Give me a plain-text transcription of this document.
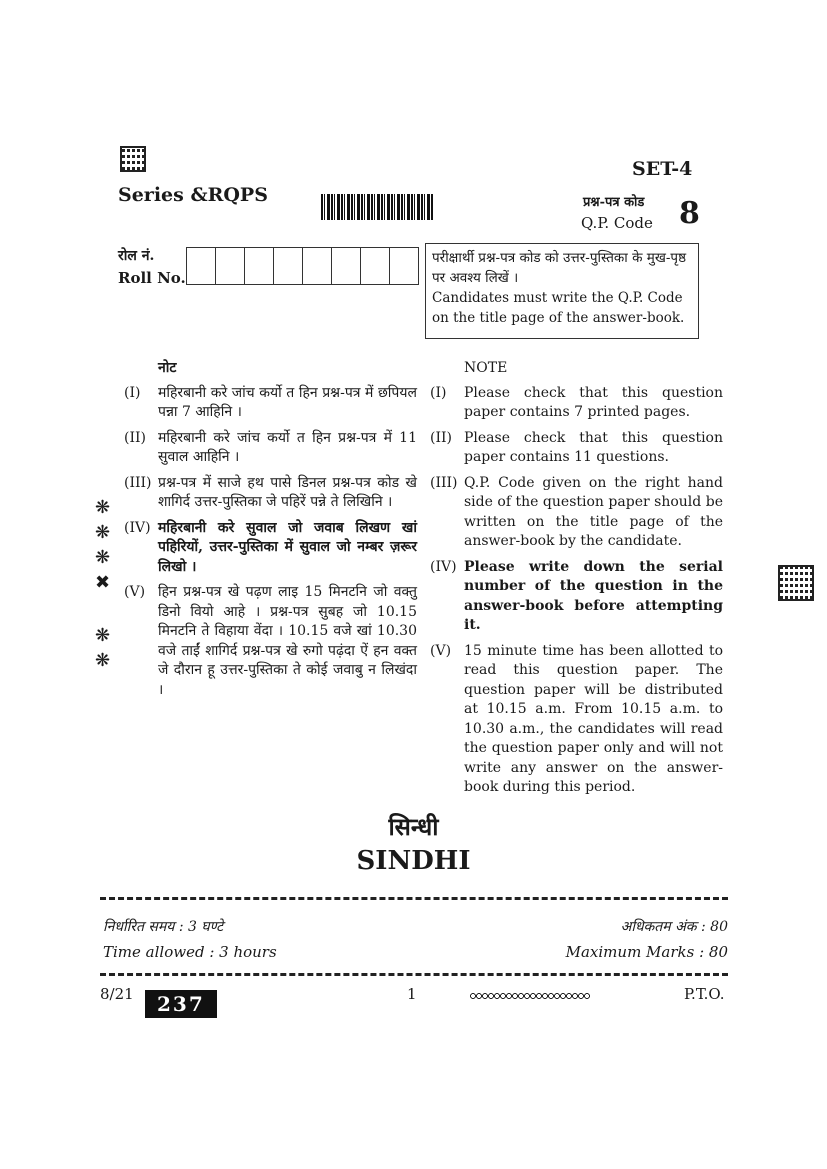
Series &RQPS
SET-4
प्रश्न-पत्र कोड
Q.P. Code 8
रोल नं.
Roll No.
परीक्षार्थी प्रश्न-पत्र कोड को उत्तर-पुस्तिका के मुख-पृष्ठ पर अवश्य लिखें ।
Candidates must write the Q.P. Code on the title page of the answer-book.
❋
❋
❋
✖
❋
❋
नोट
(I)	महिरबानी करे जांच कर्यो त हिन प्रश्न-पत्र में छपियल पन्ना 7 आहिनि ।
(II) महिरबानी करे जांच कर्यो त हिन प्रश्न-पत्र में 11 सुवाल आहिनि ।
(III) प्रश्न-पत्र में साजे हथ पासे डिनल प्रश्न-पत्र कोड खे शागिर्द उत्तर-पुस्तिका जे पहिरें पन्ने ते लिखिनि ।
(IV) महिरबानी करे सुवाल जो जवाब लिखण खां पहिरियों, उत्तर-पुस्तिका में सुवाल जो नम्बर ज़रूर लिखो ।
(V) हिन प्रश्न-पत्र खे पढ़ण लाइ 15 मिनटनि जो वक्तु डिनो वियो आहे । प्रश्न-पत्र सुबह जो 10.15 मिनटनि ते विहाया वेंदा । 10.15 वजे खां 10.30 वजे ताईं शागिर्द प्रश्न-पत्र खे रुगो पढ़ंदा ऐं हन वक्त जे दौरान हू उत्तर-पुस्तिका ते कोई जवाबु न लिखंदा ।
NOTE
(I)	Please check that this question paper contains 7 printed pages.
(II) Please check that this question paper contains 11 questions.
(III) Q.P. Code given on the right hand side of the question paper should be written on the title page of the answer-book by the candidate.
(IV) Please write down the serial number of the question in the answer-book before attempting it.
(V) 15 minute time has been allotted to read this question paper. The question paper will be distributed at 10.15 a.m. From 10.15 a.m. to 10.30 a.m., the candidates will read the question paper only and will not write any answer on the answer-book during this period.
सिन्धी
SINDHI
निर्धारित समय : 3 घण्टे
Time allowed : 3 hours
अधिकतम अंक : 80
Maximum Marks : 80
8/21	237	1	P.T.O.
